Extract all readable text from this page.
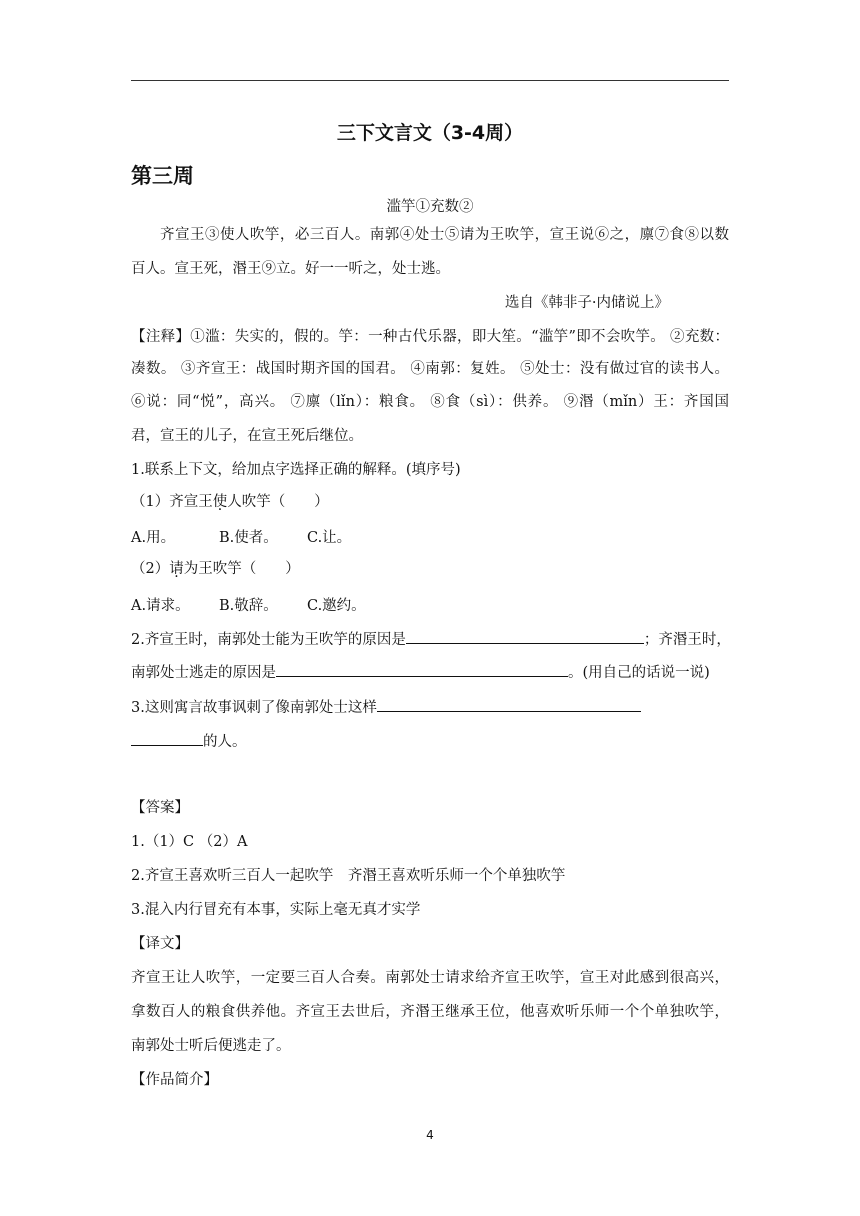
三下文言文（3-4周）
第三周
滥竽①充数②
齐宣王③使人吹竽，必三百人。南郭④处士⑤请为王吹竽，宣王说⑥之，廪⑦食⑧以数
百人。宣王死，湣王⑨立。好一一听之，处士逃。
选自《韩非子·内储说上》
【注释】①滥：失实的，假的。竽：一种古代乐器，即大笙。“滥竽”即不会吹竽。 ②充数：
凑数。 ③齐宣王：战国时期齐国的国君。 ④南郭：复姓。 ⑤处士：没有做过官的读书人。
⑥说：同“悦”，高兴。 ⑦廪（lǐn）：粮食。 ⑧食（sì）：供养。 ⑨湣（mǐn）王：齐国国
君，宣王的儿子，在宣王死后继位。
1.联系上下文，给加点字选择正确的解释。(填序号)
（1）齐宣王使人吹竽（　　）
A.用。	B.使者。 C.让。
（2）请为王吹竽（　　）
A.请求。 B.敬辞。 C.邀约。
2.齐宣王时，南郭处士能为王吹竽的原因是	；齐湣王时，
南郭处士逃走的原因是	。(用自己的话说一说)
3.这则寓言故事讽刺了像南郭处士这样
的人。
【答案】
1.（1）C （2）A
2.齐宣王喜欢听三百人一起吹竽　齐湣王喜欢听乐师一个个单独吹竽
3.混入内行冒充有本事，实际上毫无真才实学
【译文】
齐宣王让人吹竽，一定要三百人合奏。南郭处士请求给齐宣王吹竽，宣王对此感到很高兴，
拿数百人的粮食供养他。齐宣王去世后，齐湣王继承王位，他喜欢听乐师一个个单独吹竽，
南郭处士听后便逃走了。
【作品简介】
4
